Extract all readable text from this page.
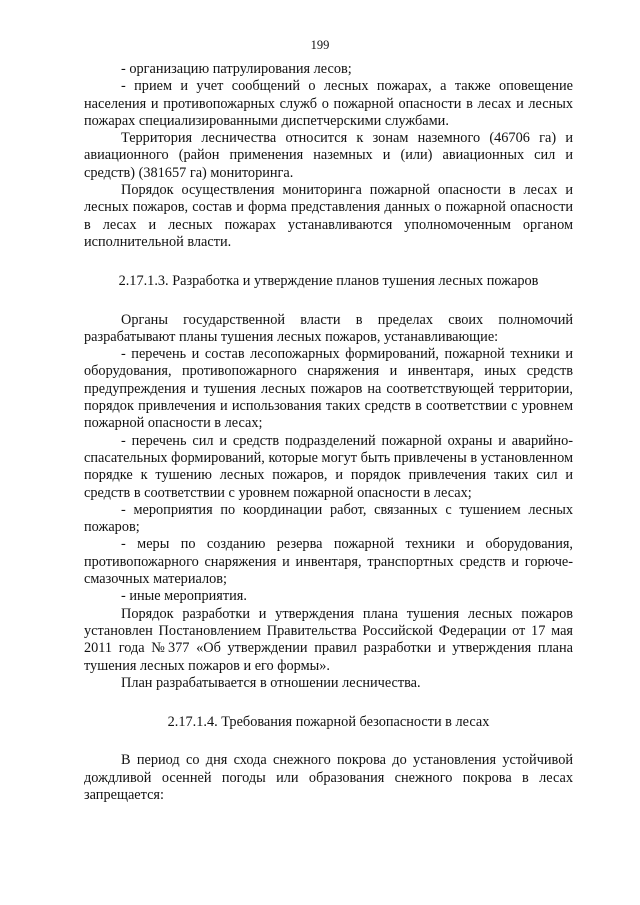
199

- организацию патрулирования лесов;

- прием и учет сообщений о лесных пожарах, а также оповещение населения и противопожарных служб о пожарной опасности в лесах и лесных пожарах специализированными диспетчерскими службами.

Территория лесничества относится к зонам наземного (46706 га) и авиационного (район применения наземных и (или) авиационных сил и средств) (381657 га) мониторинга.

Порядок осуществления мониторинга пожарной опасности в лесах и лесных пожаров, состав и форма представления данных о пожарной опасности в лесах и лесных пожарах устанавливаются уполномоченным органом исполнительной власти.

2.17.1.3. Разработка и утверждение планов тушения лесных пожаров

Органы государственной власти в пределах своих полномочий разрабатывают планы тушения лесных пожаров, устанавливающие:

- перечень и состав лесопожарных формирований, пожарной техники и оборудования, противопожарного снаряжения и инвентаря, иных средств предупреждения и тушения лесных пожаров на соответствующей территории, порядок привлечения и использования таких средств в соответствии с уровнем пожарной опасности в лесах;

- перечень сил и средств подразделений пожарной охраны и аварийно-спасательных формирований, которые могут быть привлечены в установленном порядке к тушению лесных пожаров, и порядок привлечения таких сил и средств в соответствии с уровнем пожарной опасности в лесах;

- мероприятия по координации работ, связанных с тушением лесных пожаров;

- меры по созданию резерва пожарной техники и оборудования, противопожарного снаряжения и инвентаря, транспортных средств и горюче-смазочных материалов;

- иные мероприятия.

Порядок разработки и утверждения плана тушения лесных пожаров установлен Постановлением Правительства Российской Федерации от 17 мая 2011 года №377 «Об утверждении правил разработки и утверждения плана тушения лесных пожаров и его формы».

План разрабатывается в отношении лесничества.

2.17.1.4. Требования пожарной безопасности в лесах

В период со дня схода снежного покрова до установления устойчивой дождливой осенней погоды или образования снежного покрова в лесах запрещается:
